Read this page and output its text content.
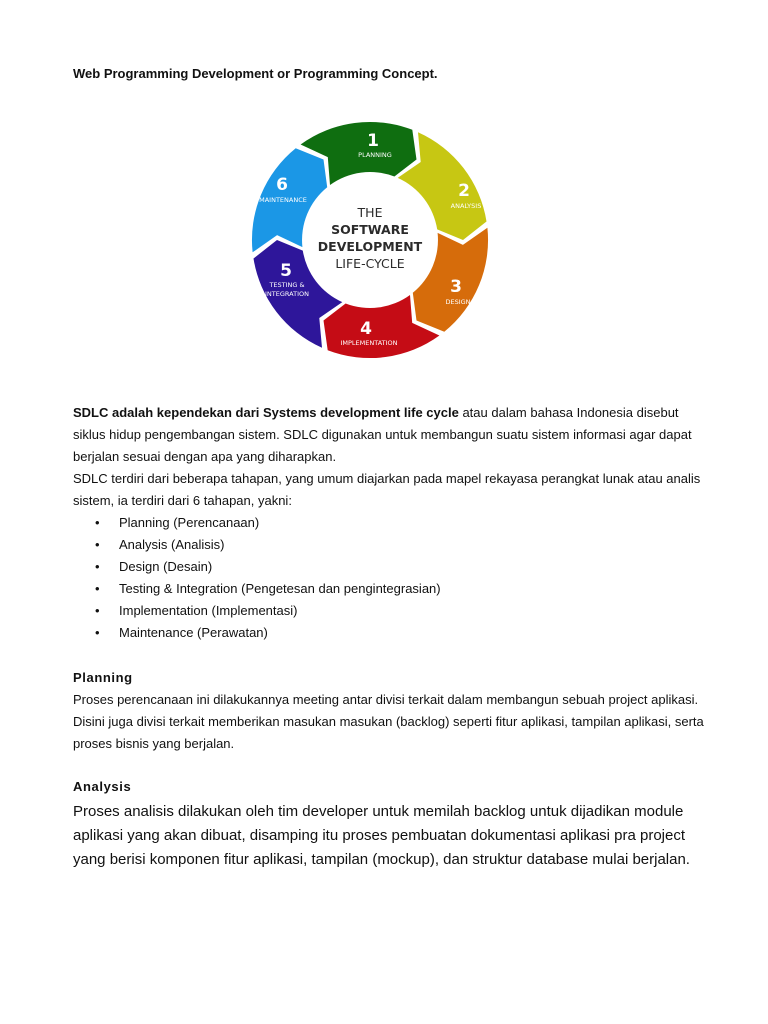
Web Programming Development or Programming Concept.
THE
SOFTWARE
DEVELOPMENT
LIFE-CYCLE
1
PLANNING
2
ANALYSIS
3
DESIGN
4
IMPLEMENTATION
5
TESTING &
INTEGRATION
6
MAINTENANCE
SDLC adalah kependekan dari Systems development life cycle atau dalam bahasa Indonesia disebut siklus hidup pengembangan sistem. SDLC digunakan untuk membangun suatu sistem informasi agar dapat berjalan sesuai dengan apa yang diharapkan.
SDLC terdiri dari beberapa tahapan, yang umum diajarkan pada mapel rekayasa perangkat lunak atau analis sistem, ia terdiri dari 6 tahapan, yakni:
• Planning (Perencanaan)
• Analysis (Analisis)
• Design (Desain)
• Testing & Integration (Pengetesan dan pengintegrasian)
• Implementation (Implementasi)
• Maintenance (Perawatan)
Planning
Proses perencanaan ini dilakukannya meeting antar divisi terkait dalam membangun sebuah project aplikasi. Disini juga divisi terkait memberikan masukan masukan (backlog) seperti fitur aplikasi, tampilan aplikasi, serta proses bisnis yang berjalan.
Analysis
Proses analisis dilakukan oleh tim developer untuk memilah backlog untuk dijadikan module aplikasi yang akan dibuat, disamping itu proses pembuatan dokumentasi aplikasi pra project yang berisi komponen fitur aplikasi, tampilan (mockup), dan struktur database mulai berjalan.
